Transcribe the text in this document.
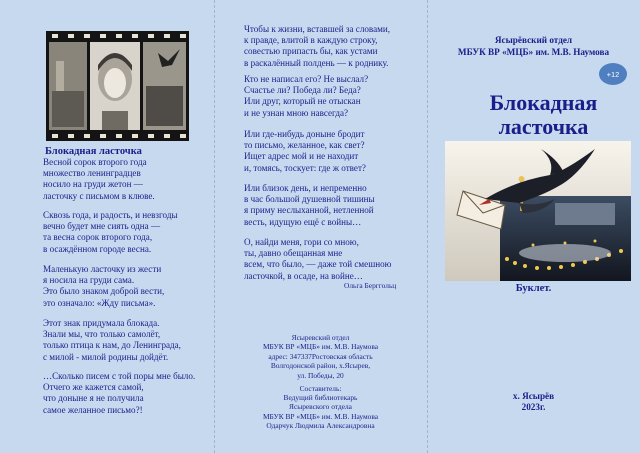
Блокадная ласточка
Весной сорок второго года
множество ленинградцев
носило на груди жетон —
ласточку с письмом в клюве.
Сквозь года, и радость, и невзгоды
вечно будет мне сиять одна —
та весна сорок второго года,
в осаждённом городе весна.
Маленькую ласточку из жести
я носила на груди сама.
Это было знаком доброй вести,
это означало: «Жду письма».
Этот знак придумала блокада.
Знали мы, что только самолёт,
только птица к нам, до Ленинграда,
с милой - милой родины дойдёт.
…Сколько писем с той поры мне было.
Отчего же кажется самой,
что доныне я не получила
самое желанное письмо?!
Чтобы к жизни, вставшей за словами,
к правде, влитой в каждую строку,
совестью припасть бы, как устами
в раскалённый полдень — к роднику.
Кто не написал его? Не выслал?
Счастье ли? Победа ли? Беда?
Или друг, который не отыскан
и не узнан мною навсегда?
Или где-нибудь доныне бродит
то письмо, желанное, как свет?
Ищет адрес мой и не находит
и, томясь, тоскует: где ж ответ?
Или близок день, и непременно
в час большой душевной тишины
я приму неслыханной, нетленной
весть, идущую ещё с войны…
О, найди меня, гори со мною,
ты, давно обещанная мне
всем, что было, — даже той смешною
ласточкой, в осаде, на войне…
Ольга Берггольц
Ясыревский отдел
МБУК ВР «МЦБ» им. М.В. Наумова
адрес: 347337Ростовская область
Волгодонской район, х.Ясырев,
ул. Победы, 20
Составитель:
Ведущий библиотекарь
Ясыревского отдела
МБУК ВР «МЦБ» им. М.В. Наумова
Одарчук Людмила Александровна
Ясырёвский отдел
МБУК ВР «МЦБ» им. М.В. Наумова
Блокадная
ласточка
Буклет.
х. Ясырёв
2023г.
+12
